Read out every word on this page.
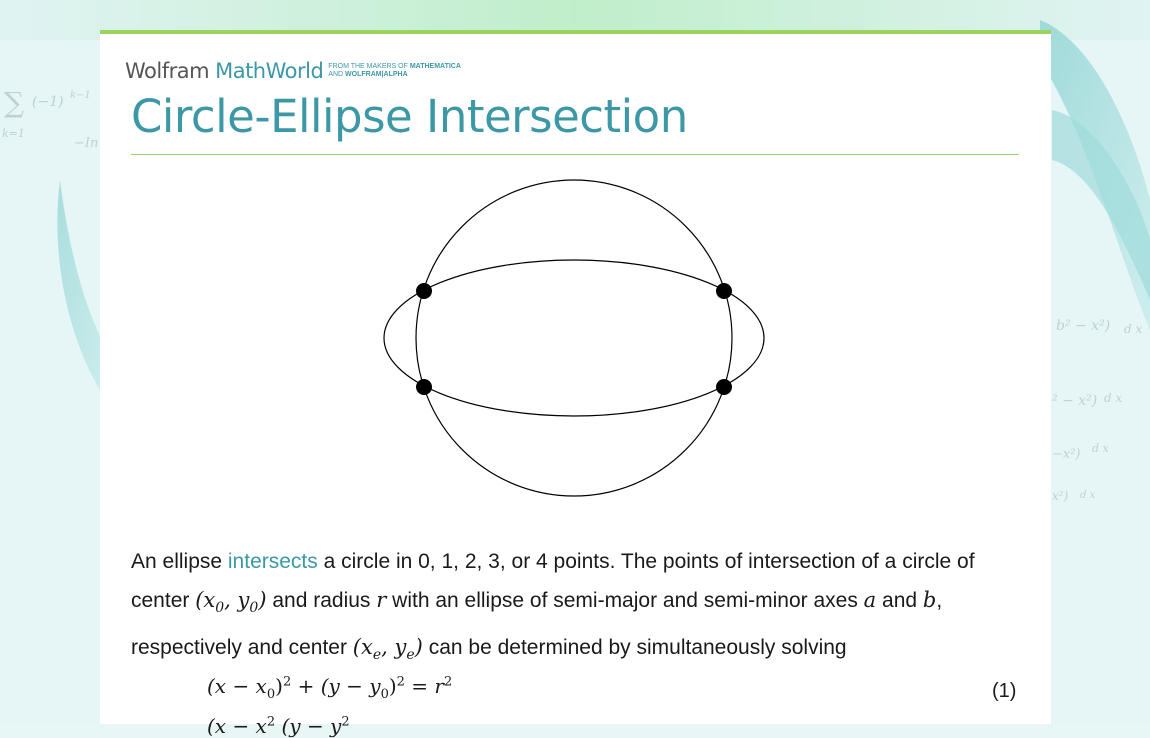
∑ (−1) k−1
k=1
−In
b² − x²) d x
² − x²) d x
−x²) d x
x²) d x
Wolfram MathWorld FROM THE MAKERS OF MATHEMATICA
AND WOLFRAM|ALPHA
Circle-Ellipse Intersection

An ellipse intersects a circle in 0, 1, 2, 3, or 4 points. The points of intersection of a circle of center ($x_0$, $y_0$) and radius r with an ellipse of semi-major and semi-minor axes a and b, respectively and center ($x_e$, $y_e$) can be determined by simultaneously solving

$(x - x_0)^2 + (y - y_0)^2 = r^2$	(1)
($x - x^2$ ($y - y^2$
